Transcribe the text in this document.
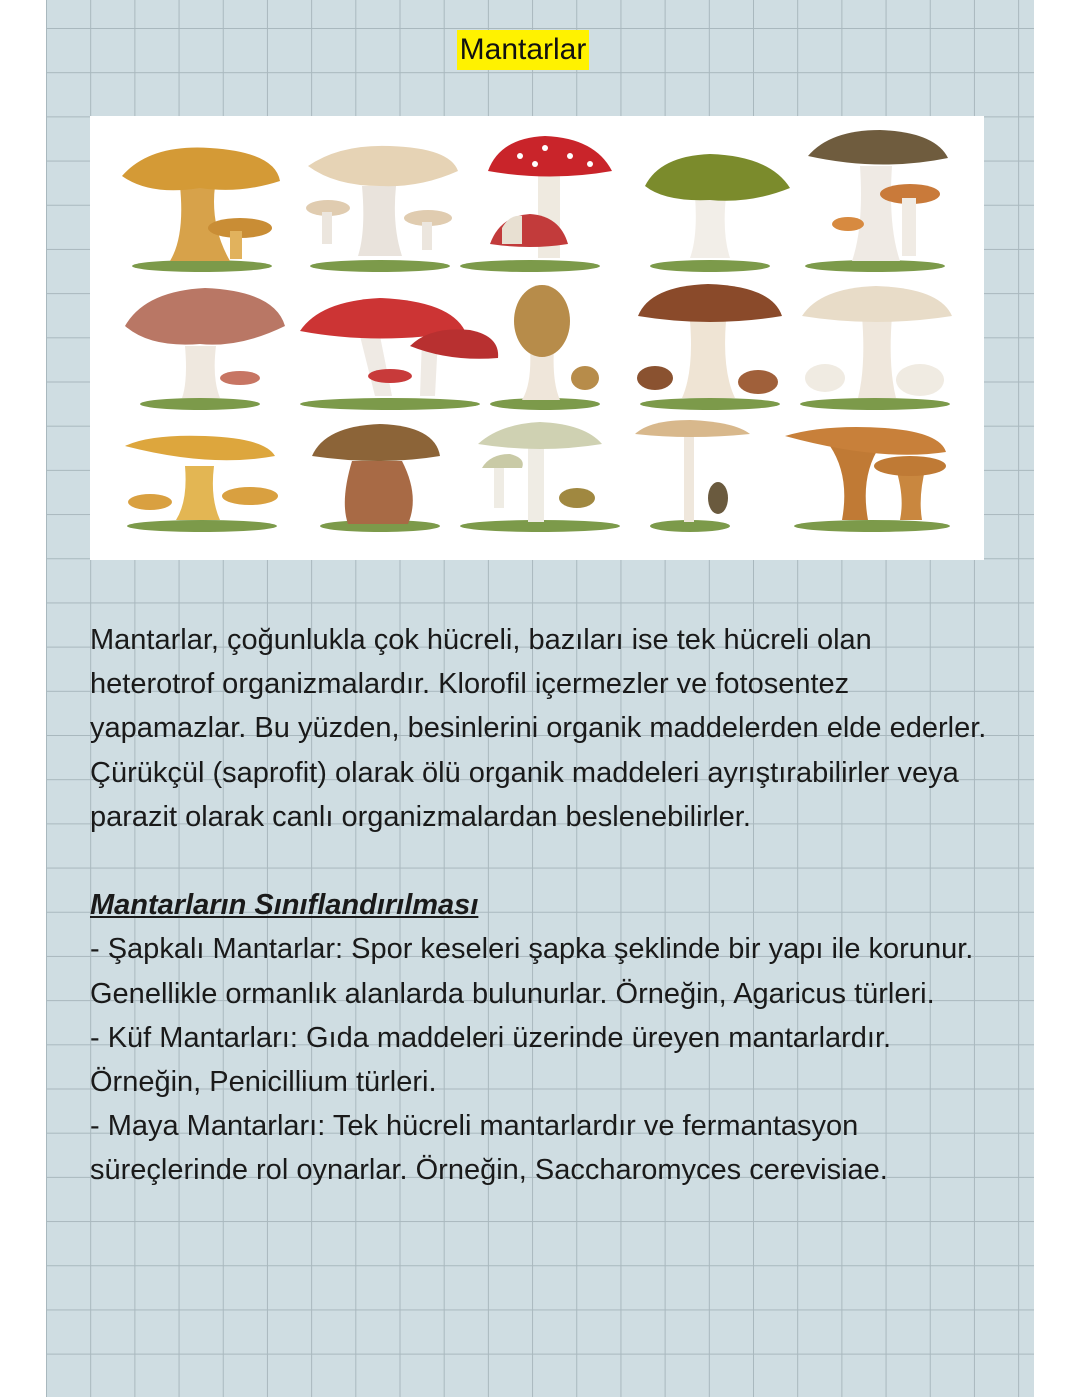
Mantarlar

Mantarlar, çoğunlukla çok hücreli, bazıları ise tek hücreli olan heterotrof organizmalardır. Klorofil içermezler ve fotosentez yapamazlar. Bu yüzden, besinlerini organik maddelerden elde ederler. Çürükçül (saprofit) olarak ölü organik maddeleri ayrıştırabilirler veya parazit olarak canlı organizmalardan beslenebilirler.

Mantarların Sınıflandırılması

- Şapkalı Mantarlar: Spor keseleri şapka şeklinde bir yapı ile korunur. Genellikle ormanlık alanlarda bulunurlar. Örneğin, Agaricus türleri.

- Küf Mantarları: Gıda maddeleri üzerinde üreyen mantarlardır. Örneğin, Penicillium türleri.

- Maya Mantarları: Tek hücreli mantarlardır ve fermantasyon süreçlerinde rol oynarlar. Örneğin, Saccharomyces cerevisiae.
